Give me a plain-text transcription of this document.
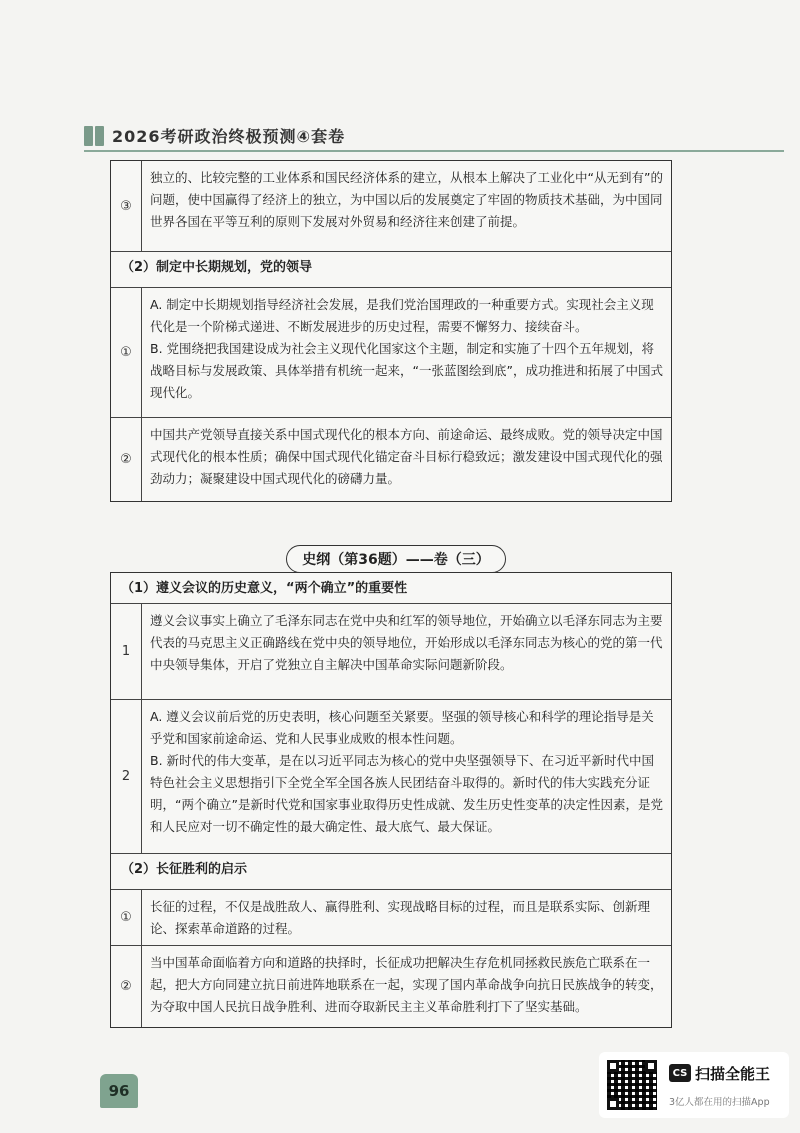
2026考研政治终极预测④套卷
③

独立的、比较完整的工业体系和国民经济体系的建立，从根本上解决了工业化中“从无到有”的问题，使中国赢得了经济上的独立，为中国以后的发展奠定了牢固的物质技术基础，为中国同世界各国在平等互利的原则下发展对外贸易和经济往来创建了前提。

（2）制定中长期规划，党的领导
①

A. 制定中长期规划指导经济社会发展，是我们党治国理政的一种重要方式。实现社会主义现代化是一个阶梯式递进、不断发展进步的历史过程，需要不懈努力、接续奋斗。

B. 党围绕把我国建设成为社会主义现代化国家这个主题，制定和实施了十四个五年规划，将战略目标与发展政策、具体举措有机统一起来，“一张蓝图绘到底”，成功推进和拓展了中国式现代化。

②

中国共产党领导直接关系中国式现代化的根本方向、前途命运、最终成败。党的领导决定中国式现代化的根本性质；确保中国式现代化锚定奋斗目标行稳致远；激发建设中国式现代化的强劲动力；凝聚建设中国式现代化的磅礴力量。

史纲（第36题）——卷（三）
（1）遵义会议的历史意义，“两个确立”的重要性
1

遵义会议事实上确立了毛泽东同志在党中央和红军的领导地位，开始确立以毛泽东同志为主要代表的马克思主义正确路线在党中央的领导地位，开始形成以毛泽东同志为核心的党的第一代中央领导集体，开启了党独立自主解决中国革命实际问题新阶段。

2

A. 遵义会议前后党的历史表明，核心问题至关紧要。坚强的领导核心和科学的理论指导是关乎党和国家前途命运、党和人民事业成败的根本性问题。

B. 新时代的伟大变革，是在以习近平同志为核心的党中央坚强领导下、在习近平新时代中国特色社会主义思想指引下全党全军全国各族人民团结奋斗取得的。新时代的伟大实践充分证明，“两个确立”是新时代党和国家事业取得历史性成就、发生历史性变革的决定性因素，是党和人民应对一切不确定性的最大确定性、最大底气、最大保证。

（2）长征胜利的启示
①

长征的过程，不仅是战胜敌人、赢得胜利、实现战略目标的过程，而且是联系实际、创新理论、探索革命道路的过程。

②

当中国革命面临着方向和道路的抉择时，长征成功把解决生存危机同拯救民族危亡联系在一起，把大方向同建立抗日前进阵地联系在一起，实现了国内革命战争向抗日民族战争的转变，为夺取中国人民抗日战争胜利、进而夺取新民主主义革命胜利打下了坚实基础。

96
CS 扫描全能王
3亿人都在用的扫描App
